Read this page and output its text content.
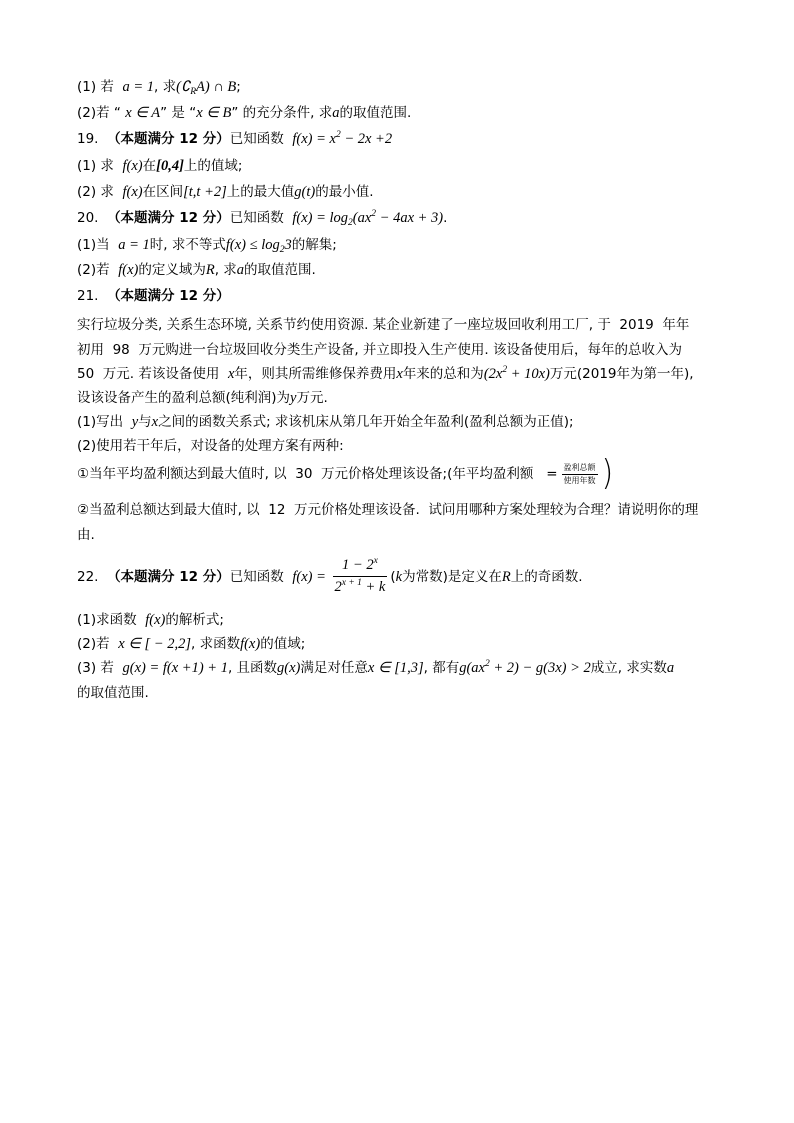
(1) 若 a = 1 , 求 (∁ R A) ∩ B ;
(2)若 “ x ∈ A ” 是 “ x ∈ B ” 的充分条件, 求 a 的取值范围.
19. （本题满分 12 分） 已知函数 f(x) = x 2 − 2x +2
(1) 求 f(x) 在 [0,4] 上的值域;
(2) 求 f(x) 在区间 [t,t +2] 上的最大值 g(t) 的最小值.
20. （本题满分 12 分） 已知函数 f(x) = log 2 (ax 2 − 4ax + 3) .
(1)当 a = 1 时, 求不等式 f(x) ≤ log 2 3 的解集;
(2)若 f(x) 的定义域为 R , 求 a 的取值范围.
21. （本题满分 12 分）
实行垃圾分类, 关系生态环境, 关系节约使用资源. 某企业新建了一座垃圾回收利用工厂, 于  2019  年年
初用  98  万元购进一台垃圾回收分类生产设备, 并立即投入生产使用. 该设备使用后，每年的总收入为
50  万元. 若该设备使用 x 年，则其所需维修保养费用 x 年来的总和为 (2x 2 + 10x) 万元(2019年为第一年),
设该设备产生的盈利总额(纯利润)为 y 万元.
(1)写出 y 与 x 之间的函数关系式; 求该机床从第几年开始全年盈利(盈利总额为正值);
(2)使用若干年后，对设备的处理方案有两种:
①当年平均盈利额达到最大值时, 以  30  万元价格处理该设备;(年平均盈利额   = $\frac{\text{盈利总额}}{\text{使用年数}}$ )
②当盈利总额达到最大值时, 以  12  万元价格处理该设备.  试问用哪种方案处理较为合理？请说明你的理
由.
22. （本题满分 12 分） 已知函数 $f(x) = \frac{1 - 2 x}{2 x + 1 + k}$ ( k 为常数)是定义在 R 上的奇函数.
(1)求函数 f(x) 的解析式;
(2)若 x ∈ [ − 2,2] , 求函数 f(x) 的值域;
(3) 若 g(x) = f(x +1) + 1 , 且函数 g(x) 满足对任意 x ∈ [1,3] , 都有 g (ax 2 + 2) − g(3x) > 2 成立, 求实数 a
的取值范围.
